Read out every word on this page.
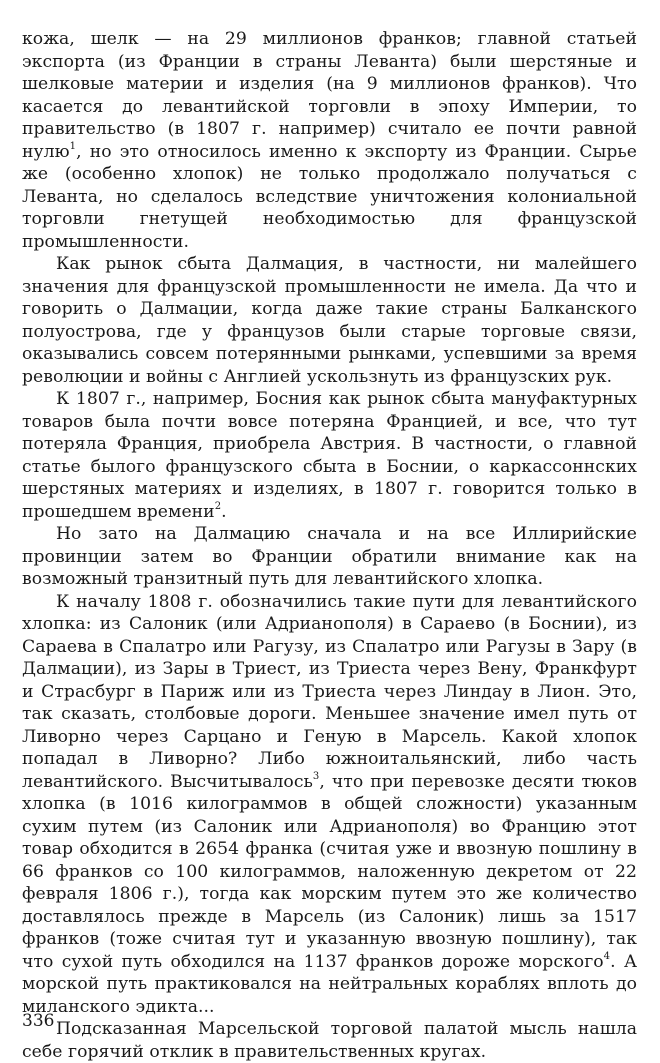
кожа, шелк — на 29 миллионов франков; главной статьей экспорта (из Франции в страны Леванта) были шерстяные и шелковые материи и изделия (на 9 миллионов франков). Что касается до левантийской торговли в эпоху Империи, то правительство (в 1807 г. например) считало ее почти равной нулю$^1$, но это относилось именно к экспорту из Франции. Сырье же (особенно хлопок) не только продолжало получаться с Леванта, но сделалось вследствие уничтожения колониальной торговли гнетущей необходимостью для французской промышленности.

Как рынок сбыта Далмация, в частности, ни малейшего значения для французской промышленности не имела. Да что и говорить о Далмации, когда даже такие страны Балканского полуострова, где у французов были старые торговые связи, оказывались совсем потерянными рынками, успевшими за время революции и войны с Англией ускользнуть из французских рук.

К 1807 г., например, Босния как рынок сбыта мануфактурных товаров была почти вовсе потеряна Францией, и все, что тут потеряла Франция, приобрела Австрия. В частности, о главной статье былого французского сбыта в Боснии, о каркассоннских шерстяных материях и изделиях, в 1807 г. говорится только в прошедшем времени$^2$.

Но зато на Далмацию сначала и на все Иллирийские провинции затем во Франции обратили внимание как на возможный транзитный путь для левантийского хлопка.

К началу 1808 г. обозначились такие пути для левантийского хлопка: из Салоник (или Адрианополя) в Сараево (в Боснии), из Сараева в Спалатро или Рагузу, из Спалатро или Рагузы в Зару (в Далмации), из Зары в Триест, из Триеста через Вену, Франкфурт и Страсбург в Париж или из Триеста через Линдау в Лион. Это, так сказать, столбовые дороги. Меньшее значение имел путь от Ливорно через Сарцано и Геную в Марсель. Какой хлопок попадал в Ливорно? Либо южноитальянский, либо часть левантийского. Высчитывалось$^3$, что при перевозке десяти тюков хлопка (в 1016 килограммов в общей сложности) указанным сухим путем (из Салоник или Адрианополя) во Францию этот товар обходится в 2654 франка (считая уже и ввозную пошлину в 66 франков со 100 килограммов, наложенную декретом от 22 февраля 1806 г.), тогда как морским путем это же количество доставлялось прежде в Марсель (из Салоник) лишь за 1517 франков (тоже считая тут и указанную ввозную пошлину), так что сухой путь обходился на 1137 франков дороже морского$^4$. А морской путь практиковался на нейтральных кораблях вплоть до миланского эдикта...

Подсказанная Марсельской торговой палатой мысль нашла себе горячий отклик в правительственных кругах.

336
